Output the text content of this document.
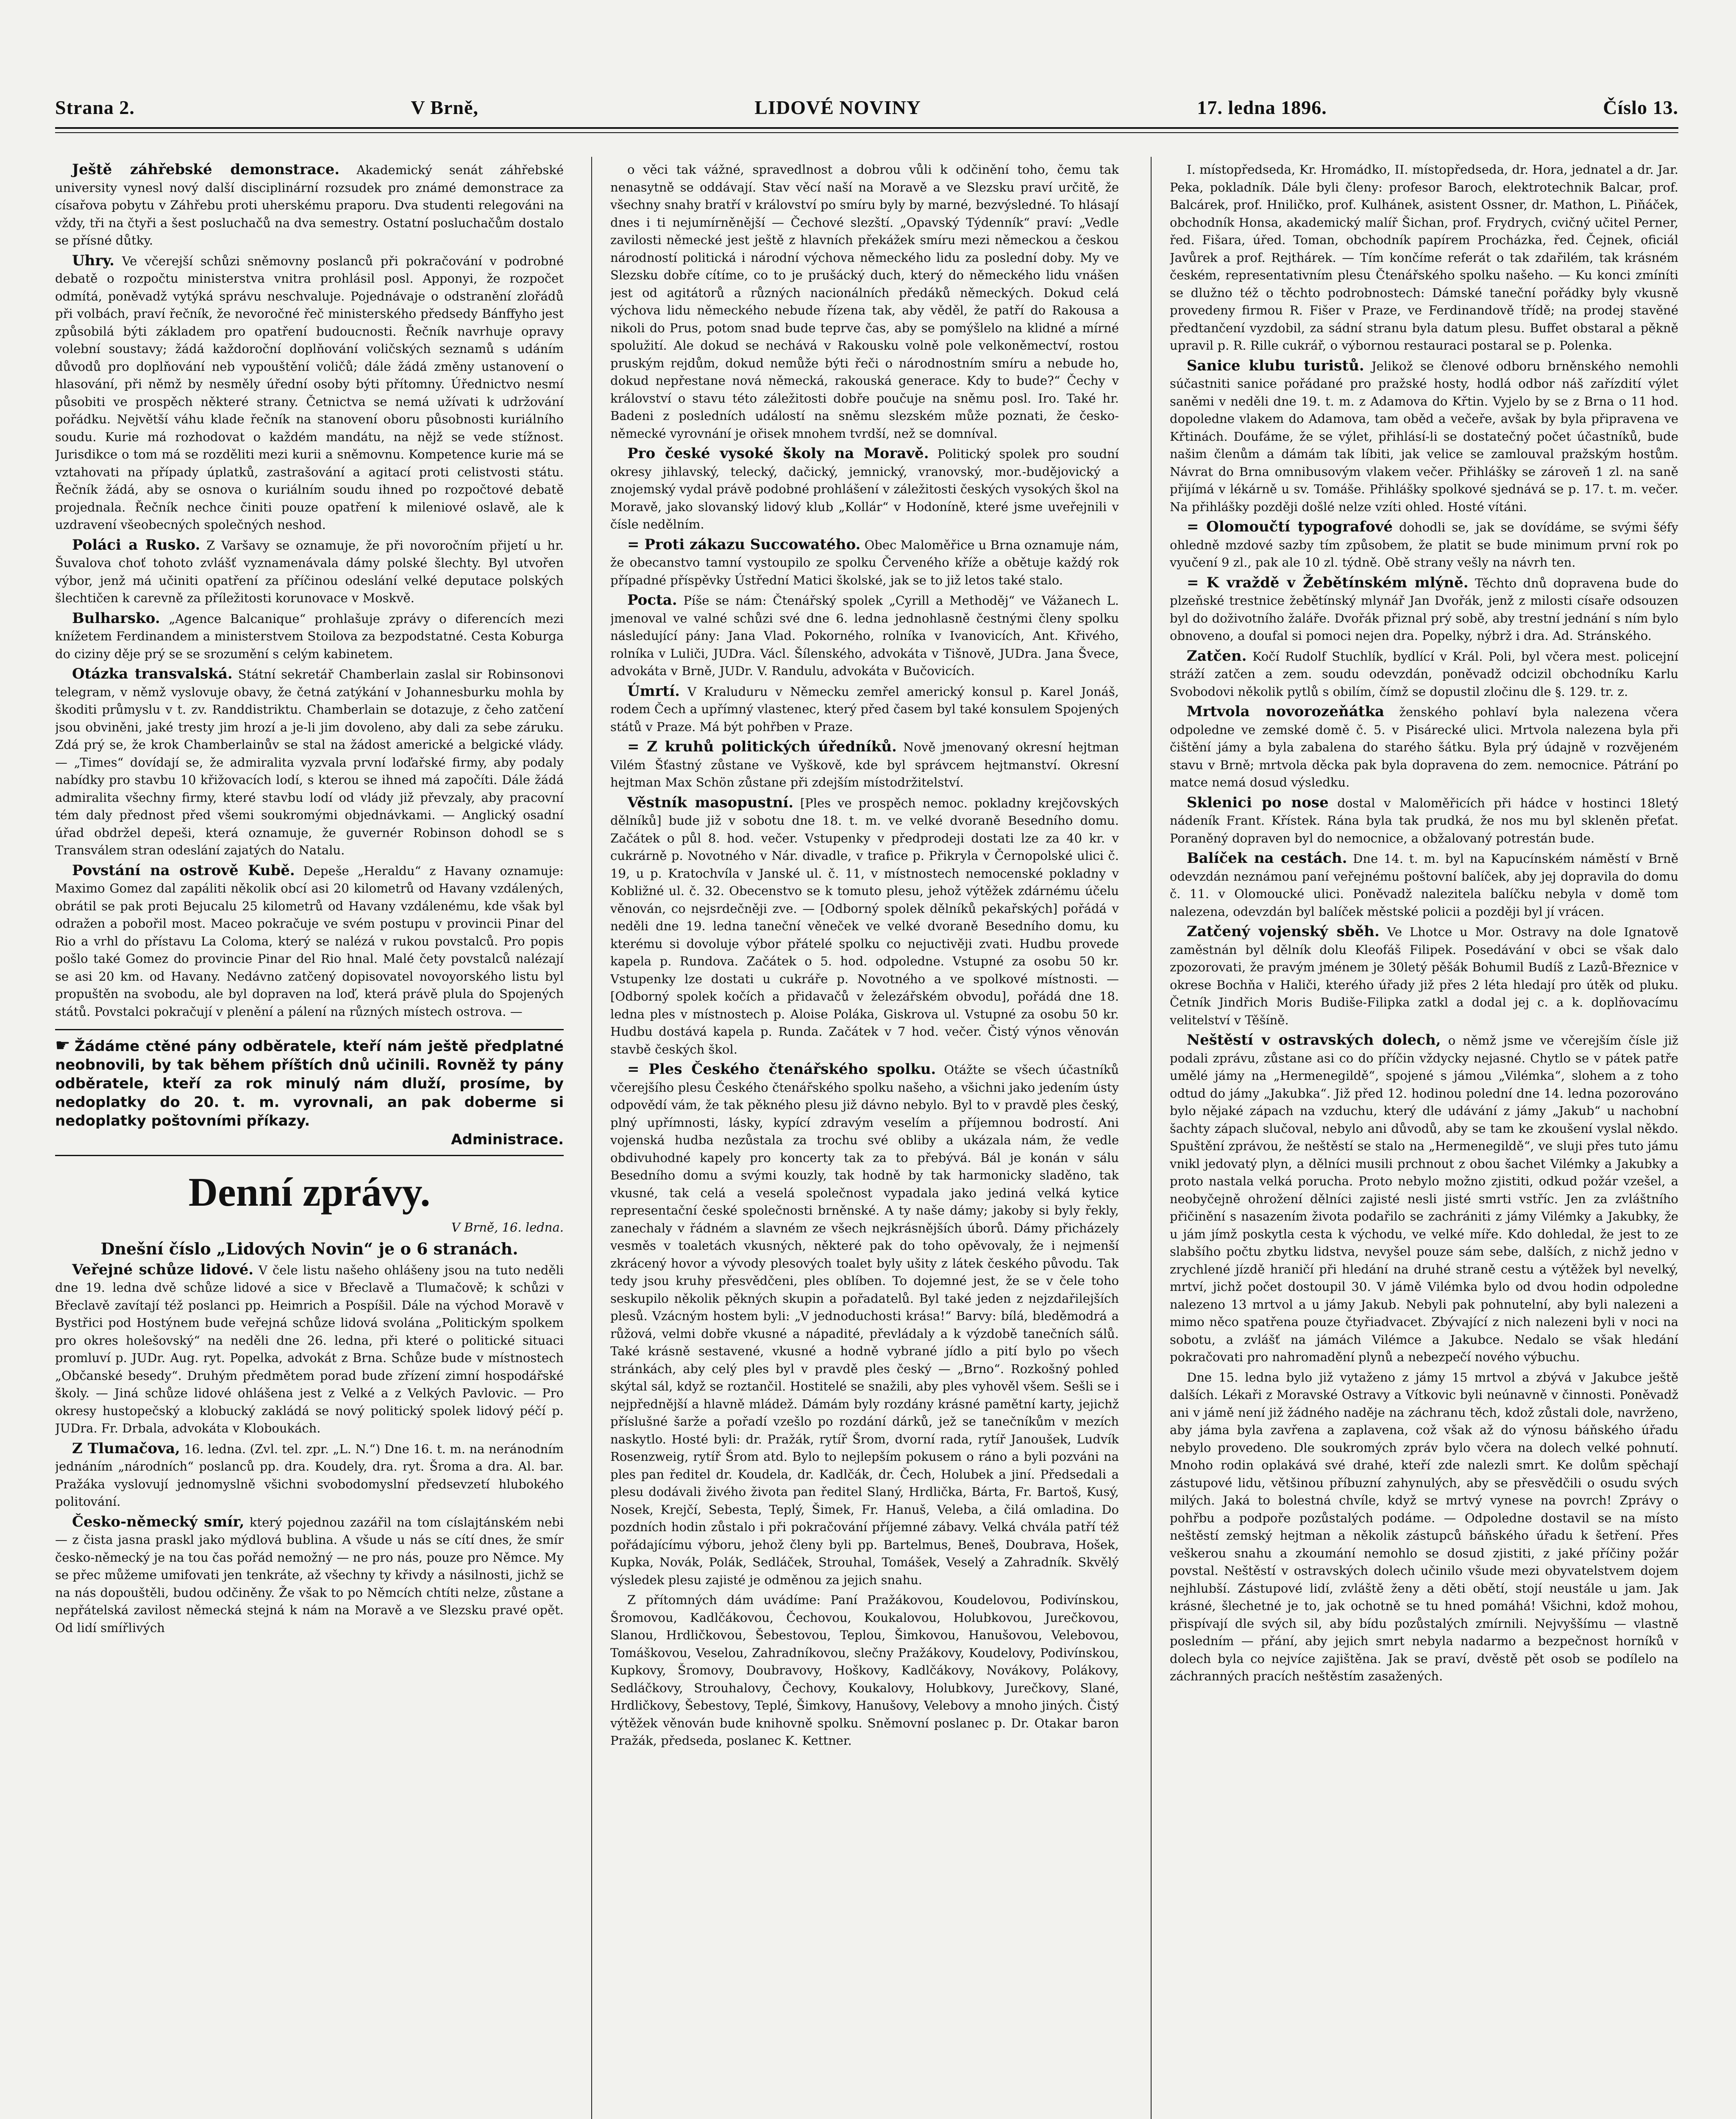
Strana 2.	V Brně,	LIDOVÉ NOVINY	17. ledna 1896.	Číslo 13.

Ještě záhřebské demonstrace. Akademický senát záhřebské university vynesl nový další disciplinární rozsudek pro známé demonstrace za císařova pobytu v Záhřebu proti uherskému praporu. Dva studenti relegováni na vždy, tři na čtyři a šest posluchačů na dva semestry. Ostatní posluchačům dostalo se přísné důtky.

Uhry. Ve včerejší schůzi sněmovny poslanců při pokračování v podrobné debatě o rozpočtu ministerstva vnitra prohlásil posl. Apponyi, že rozpočet odmítá, poněvadž vytýká správu neschvaluje. Pojednávaje o odstranění zlořádů při volbách, praví řečník, že nevoročné řeč ministerského předsedy Bánffyho jest způsobilá býti základem pro opatření budoucnosti. Řečník navrhuje opravy volební soustavy; žádá každoroční doplňování voličských seznamů s udáním důvodů pro doplňování neb vypouštění voličů; dále žádá změny ustanovení o hlasování, při němž by nesměly úřední osoby býti přítomny. Úřednictvo nesmí působiti ve prospěch některé strany. Četnictva se nemá užívati k udržování pořádku. Největší váhu klade řečník na stanovení oboru působnosti kuriálního soudu. Kurie má rozhodovat o každém mandátu, na nějž se vede stížnost. Jurisdikce o tom má se rozděliti mezi kurii a sněmovnu. Kompetence kurie má se vztahovati na případy úplatků, zastrašování a agitací proti celistvosti státu. Řečník žádá, aby se osnova o kuriálním soudu ihned po rozpočtové debatě projednala. Řečník nechce činiti pouze opatření k mileniové oslavě, ale k uzdravení všeobecných společných neshod.

Poláci a Rusko. Z Varšavy se oznamuje, že při novoročním přijetí u hr. Šuvalova choť tohoto zvlášť vyznamenávala dámy polské šlechty. Byl utvořen výbor, jenž má učiniti opatření za příčinou odeslání velké deputace polských šlechtičen k carevně za příležitosti korunovace v Moskvě.

Bulharsko. „Agence Balcanique“ prohlašuje zprávy o diferencích mezi knížetem Ferdinandem a ministerstvem Stoilova za bezpodstatné. Cesta Koburga do ciziny děje prý se se srozumění s celým kabinetem.

Otázka transvalská. Státní sekretář Chamberlain zaslal sir Robinsonovi telegram, v němž vyslovuje obavy, že četná zatýkání v Johannesburku mohla by škoditi průmyslu v t. zv. Randdistriktu. Chamberlain se dotazuje, z čeho zatčení jsou obviněni, jaké tresty jim hrozí a je-li jim dovoleno, aby dali za sebe záruku. Zdá prý se, že krok Chamberlainův se stal na žádost americké a belgické vlády. — „Times“ dovídají se, že admiralita vyzvala první loďařské firmy, aby podaly nabídky pro stavbu 10 křižovacích lodí, s kterou se ihned má započíti. Dále žádá admiralita všechny firmy, které stavbu lodí od vlády již převzaly, aby pracovní tém daly přednost před všemi soukromými objednávkami. — Anglický osadní úřad obdržel depeši, která oznamuje, že guvernér Robinson dohodl se s Transválem stran odeslání zajatých do Natalu.

Povstání na ostrově Kubě. Depeše „Heraldu“ z Havany oznamuje: Maximo Gomez dal zapáliti několik obcí asi 20 kilometrů od Havany vzdálených, obrátil se pak proti Bejucalu 25 kilometrů od Havany vzdálenému, kde však byl odražen a pobořil most. Maceo pokračuje ve svém postupu v provincii Pinar del Rio a vrhl do přístavu La Coloma, který se nalézá v rukou povstalců. Pro popis pošlo také Gomez do provincie Pinar del Rio hnal. Malé čety povstalců nalézají se asi 20 km. od Havany. Nedávno zatčený dopisovatel novoyorského listu byl propuštěn na svobodu, ale byl dopraven na loď, která právě plula do Spojených států. Povstalci pokračují v plenění a pálení na různých místech ostrova. —

☛ Žádáme ctěné pány odběratele, kteří nám ještě předplatné neobnovili, by tak během příštích dnů učinili. Rovněž ty pány odběratele, kteří za rok minulý nám dluží, prosíme, by nedoplatky do 20. t. m. vyrovnali, an pak doberme si nedoplatky poštovními příkazy.
Administrace.
Denní zprávy.

V Brně, 16. ledna.

Dnešní číslo „Lidových Novin“ je o 6 stranách.

Veřejné schůze lidové. V čele listu našeho ohlášeny jsou na tuto neděli dne 19. ledna dvě schůze lidové a sice v Břeclavě a Tlumačově; k schůzi v Břeclavě zavítají též poslanci pp. Heimrich a Pospíšil. Dále na východ Moravě v Bystřici pod Hostýnem bude veřejná schůze lidová svolána „Politickým spolkem pro okres holešovský“ na neděli dne 26. ledna, při které o politické situaci promluví p. JUDr. Aug. ryt. Popelka, advokát z Brna. Schůze bude v místnostech „Občanské besedy“. Druhým předmětem porad bude zřízení zimní hospodářské školy. — Jiná schůze lidové ohlášena jest z Velké a z Velkých Pavlovic. — Pro okresy hustopečský a klobucký zakládá se nový politický spolek lidový péčí p. JUDra. Fr. Drbala, advokáta v Kloboukách.

Z Tlumačova, 16. ledna. (Zvl. tel. zpr. „L. N.“) Dne 16. t. m. na neránodním jednáním „národních“ poslanců pp. dra. Koudely, dra. ryt. Šroma a dra. Al. bar. Pražáka vyslovují jednomyslně všichni svobodomyslní předsevzetí hlubokého politování.

Česko-německý smír, který pojednou zazářil na tom císlajtánském nebi — z čista jasna praskl jako mýdlová bublina. A všude u nás se cítí dnes, že smír česko-německý je na tou čas pořád nemožný — ne pro nás, pouze pro Němce. My se přec můžeme umifovati jen tenkráte, až všechny ty křivdy a násilnosti, jichž se na nás dopouštěli, budou odčiněny. Že však to po Němcích chtíti nelze, zůstane a nepřátelská zavilost německá stejná k nám na Moravě a ve Slezsku pravé opět. Od lidí smířlivých

o věci tak vážné, spravedlnost a dobrou vůli k odčinění toho, čemu tak nenasytně se oddávají. Stav věcí naší na Moravě a ve Slezsku praví určitě, že všechny snahy bratří v království po smíru byly by marné, bezvýsledné. To hlásají dnes i ti nejumírněnější — Čechové slezští. „Opavský Týdenník“ praví: „Vedle zavilosti německé jest ještě z hlavních překážek smíru mezi německou a českou národností politická i národní výchova německého lidu za poslední doby. My ve Slezsku dobře cítíme, co to je prušácký duch, který do německého lidu vnášen jest od agitátorů a různých nacionálních předáků německých. Dokud celá výchova lidu německého nebude řízena tak, aby věděl, že patří do Rakousa a nikoli do Prus, potom snad bude teprve čas, aby se pomýšlelo na klidné a mírné spolužití. Ale dokud se nechává v Rakousku volně pole velkoněmectví, rostou pruským rejdům, dokud nemůže býti řeči o národnostním smíru a nebude ho, dokud nepřestane nová německá, rakouská generace. Kdy to bude?“ Čechy v království o stavu této záležitosti dobře poučuje na sněmu posl. Iro. Také hr. Badeni z posledních událostí na sněmu slezském může poznati, že česko-německé vyrovnání je ořisek mnohem tvrdší, než se domníval.

Pro české vysoké školy na Moravě. Politický spolek pro soudní okresy jihlavský, telecký, dačický, jemnický, vranovský, mor.-budějovický a znojemský vydal právě podobné prohlášení v záležitosti českých vysokých škol na Moravě, jako slovanský lidový klub „Kollár“ v Hodoníně, které jsme uveřejnili v čísle nedělním.

= Proti zákazu Succowatého. Obec Maloměřice u Brna oznamuje nám, že obecanstvo tamní vystoupilo ze spolku Červeného kříže a obětuje každý rok případné příspěvky Ústřední Matici školské, jak se to již letos také stalo.

Pocta. Píše se nám: Čtenářský spolek „Cyrill a Methoděj“ ve Vážanech L. jmenoval ve valné schůzi své dne 6. ledna jednohlasně čestnými členy spolku následující pány: Jana Vlad. Pokorného, rolníka v Ivanovicích, Ant. Křivého, rolníka v Luliči, JUDra. Václ. Šílenského, advokáta v Tišnově, JUDra. Jana Švece, advokáta v Brně, JUDr. V. Randulu, advokáta v Bučovicích.

Úmrtí. V Kraluduru v Německu zemřel americký konsul p. Karel Jonáš, rodem Čech a upřímný vlastenec, který před časem byl také konsulem Spojených států v Praze. Má být pohřben v Praze.

= Z kruhů politických úředníků. Nově jmenovaný okresní hejtman Vilém Šťastný zůstane ve Vyškově, kde byl správcem hejtmanství. Okresní hejtman Max Schön zůstane při zdejším místodržitelství.

Věstník masopustní. [Ples ve prospěch nemoc. pokladny krejčovských dělníků] bude již v sobotu dne 18. t. m. ve velké dvoraně Besedního domu. Začátek o půl 8. hod. večer. Vstupenky v předprodeji dostati lze za 40 kr. v cukrárně p. Novotného v Nár. divadle, v trafice p. Přikryla v Černopolské ulici č. 19, u p. Kratochvíla v Janské ul. č. 11, v místnostech nemocenské pokladny v Kobližné ul. č. 32. Obecenstvo se k tomuto plesu, jehož výtěžek zdárnému účelu věnován, co nejsrdečněji zve. — [Odborný spolek dělníků pekařských] pořádá v neděli dne 19. ledna taneční věneček ve velké dvoraně Besedního domu, ku kterému si dovoluje výbor přátelé spolku co nejuctivěji zvati. Hudbu provede kapela p. Rundova. Začátek o 5. hod. odpoledne. Vstupné za osobu 50 kr. Vstupenky lze dostati u cukráře p. Novotného a ve spolkové místnosti. — [Odborný spolek kočích a přidavačů v železářském obvodu], pořádá dne 18. ledna ples v místnostech p. Aloise Poláka, Giskrova ul. Vstupné za osobu 50 kr. Hudbu dostává kapela p. Runda. Začátek v 7 hod. večer. Čistý výnos věnován stavbě českých škol.

= Ples Českého čtenářského spolku. Otážte se všech účastníků včerejšího plesu Českého čtenářského spolku našeho, a všichni jako jedením ústy odpovědí vám, že tak pěkného plesu již dávno nebylo. Byl to v pravdě ples český, plný upřímnosti, lásky, kypící zdravým veselím a příjemnou bodrostí. Ani vojenská hudba nezůstala za trochu své obliby a ukázala nám, že vedle obdivuhodné kapely pro koncerty tak za to přebývá. Bál je konán v sálu Besedního domu a svými kouzly, tak hodně by tak harmonicky sladěno, tak vkusné, tak celá a veselá společnost vypadala jako jediná velká kytice representační české společnosti brněnské. A ty naše dámy; jakoby si byly řekly, zanechaly v řádném a slavném ze všech nejkrásnějších úborů. Dámy přicházely vesměs v toaletách vkusných, některé pak do toho opěvovaly, že i nejmenší zkrácený hovor a vývody plesových toalet byly ušity z látek českého původu. Tak tedy jsou kruhy přesvědčeni, ples oblíben. To dojemné jest, že se v čele toho seskupilo několik pěkných skupin a pořadatelů. Byl také jeden z nejzdařilejších plesů. Vzácným hostem byli: „V jednoduchosti krása!“ Barvy: bílá, bleděmodrá a růžová, velmi dobře vkusné a nápadité, převládaly a k výzdobě tanečních sálů. Také krásně sestavené, vkusné a hodně vybrané jídlo a pití bylo po všech stránkách, aby celý ples byl v pravdě ples český — „Brno“. Rozkošný pohled skýtal sál, když se roztančil. Hostitelé se snažili, aby ples vyhověl všem. Sešli se i nejpřednější a hlavně mládež. Dámám byly rozdány krásné pamětní karty, jejichž příslušné šarže a pořadí vzešlo po rozdání dárků, jež se tanečníkům v mezích naskytlo. Hosté byli: dr. Pražák, rytíř Šrom, dvorní rada, rytíř Janoušek, Ludvík Rosenzweig, rytíř Šrom atd. Bylo to nejlepším pokusem o ráno a byli pozváni na ples pan ředitel dr. Koudela, dr. Kadlčák, dr. Čech, Holubek a jiní. Předsedali a plesu dodávali živého života pan ředitel Slaný, Hrdlička, Bárta, Fr. Bartoš, Kusý, Nosek, Krejčí, Sebesta, Teplý, Šimek, Fr. Hanuš, Veleba, a čilá omladina. Do pozdních hodin zůstalo i při pokračování příjemné zábavy. Velká chvála patří též pořádajícímu výboru, jehož členy byli pp. Bartelmus, Beneš, Doubrava, Hošek, Kupka, Novák, Polák, Sedláček, Strouhal, Tomášek, Veselý a Zahradník. Skvělý výsledek plesu zajisté je odměnou za jejich snahu.

Z přítomných dám uvádíme: Paní Pražákovou, Koudelovou, Podivínskou, Šromovou, Kadlčákovou, Čechovou, Koukalovou, Holubkovou, Jurečkovou, Slanou, Hrdličkovou, Šebestovou, Teplou, Šimkovou, Hanušovou, Velebovou, Tomáškovou, Veselou, Zahradníkovou, slečny Pražákovy, Koudelovy, Podivínskou, Kupkovy, Šromovy, Doubravovy, Hoškovy, Kadlčákovy, Novákovy, Polákovy, Sedláčkovy, Strouhalovy, Čechovy, Koukalovy, Holubkovy, Jurečkovy, Slané, Hrdličkovy, Šebestovy, Teplé, Šimkovy, Hanušovy, Velebovy a mnoho jiných. Čistý výtěžek věnován bude knihovně spolku. Sněmovní poslanec p. Dr. Otakar baron Pražák, předseda, poslanec K. Kettner.

I. místopředseda, Kr. Hromádko, II. místopředseda, dr. Hora, jednatel a dr. Jar. Peka, pokladník. Dále byli členy: profesor Baroch, elektrotechnik Balcar, prof. Balcárek, prof. Hniličko, prof. Kulhánek, asistent Ossner, dr. Mathon, L. Piňáček, obchodník Honsa, akademický malíř Šichan, prof. Frydrych, cvičný učitel Perner, řed. Fišara, úřed. Toman, obchodník papírem Procházka, řed. Čejnek, oficiál Javůrek a prof. Rejthárek. — Tím končíme referát o tak zdařilém, tak krásném českém, representativním plesu Čtenářského spolku našeho. — Ku konci zmíníti se dlužno též o těchto podrobnostech: Dámské taneční pořádky byly vkusně provedeny firmou R. Fišer v Praze, ve Ferdinandově třídě; na prodej stavěné předtančení vyzdobil, za sádní stranu byla datum plesu. Buffet obstaral a pěkně upravil p. R. Rille cukrář, o výbornou restauraci postaral se p. Polenka.

Sanice klubu turistů. Jelikož se členové odboru brněnského nemohli súčastniti sanice pořádané pro pražské hosty, hodlá odbor náš zařízdití výlet saněmi v neděli dne 19. t. m. z Adamova do Křtin. Vyjelo by se z Brna o 11 hod. dopoledne vlakem do Adamova, tam oběd a večeře, avšak by byla připravena ve Křtinách. Doufáme, že se výlet, přihlásí-li se dostatečný počet účastníků, bude našim členům a dámám tak líbiti, jak velice se zamlouval pražským hostům. Návrat do Brna omnibusovým vlakem večer. Přihlášky se zároveň 1 zl. na saně přijímá v lékárně u sv. Tomáše. Přihlášky spolkové sjednává se p. 17. t. m. večer. Na přihlášky později došlé nelze vzíti ohled. Hosté vítáni.

= Olomoučtí typografové dohodli se, jak se dovídáme, se svými šéfy ohledně mzdové sazby tím způsobem, že platit se bude minimum první rok po vyučení 9 zl., pak ale 10 zl. týdně. Obě strany vešly na návrh ten.

= K vraždě v Žebětínském mlýně. Těchto dnů dopravena bude do plzeňské trestnice žebětínský mlynář Jan Dvořák, jenž z milosti císaře odsouzen byl do doživotního žaláře. Dvořák přiznal prý sobě, aby trestní jednání s ním bylo obnoveno, a doufal si pomoci nejen dra. Popelky, nýbrž i dra. Ad. Stránského.

Zatčen. Kočí Rudolf Stuchlík, bydlící v Král. Poli, byl včera mest. policejní stráží zatčen a zem. soudu odevzdán, poněvadž odcizil obchodníku Karlu Svobodovi několik pytlů s obilím, čímž se dopustil zločinu dle §. 129. tr. z.

Mrtvola novorozeňátka ženského pohlaví byla nalezena včera odpoledne ve zemské domě č. 5. v Pisárecké ulici. Mrtvola nalezena byla při čištění jámy a byla zabalena do starého šátku. Byla prý údajně v rozvějeném stavu v Brně; mrtvola děcka pak byla dopravena do zem. nemocnice. Pátrání po matce nemá dosud výsledku.

Sklenici po nose dostal v Maloměřicích při hádce v hostinci 18letý nádeník Frant. Křístek. Rána byla tak prudká, že nos mu byl skleněn přeťat. Poraněný dopraven byl do nemocnice, a obžalovaný potrestán bude.

Balíček na cestách. Dne 14. t. m. byl na Kapucínském náměstí v Brně odevzdán neznámou paní veřejnému poštovní balíček, aby jej dopravila do domu č. 11. v Olomoucké ulici. Poněvadž nalezitela balíčku nebyla v domě tom nalezena, odevzdán byl balíček městské policii a později byl jí vrácen.

Zatčený vojenský sběh. Ve Lhotce u Mor. Ostravy na dole Ignatově zaměstnán byl dělník dolu Kleofáš Filipek. Posedávání v obci se však dalo zpozorovati, že pravým jménem je 30letý pěšák Bohumil Budíš z Lazů-Březnice v okrese Bochňa v Haliči, kterého úřady již přes 2 léta hledají pro útěk od pluku. Četník Jindřich Moris Budiše-Filipka zatkl a dodal jej c. a k. doplňovacímu velitelství v Těšíně.

Neštěstí v ostravských dolech, o němž jsme ve včerejším čísle již podali zprávu, zůstane asi co do příčin vždycky nejasné. Chytlo se v pátek patře umělé jámy na „Hermenegildě“, spojené s jámou „Vilémka“, slohem a z toho odtud do jámy „Jakubka“. Již před 12. hodinou polední dne 14. ledna pozorováno bylo nějaké zápach na vzduchu, který dle udávání z jámy „Jakub“ u nachobní šachty zápach slučoval, nebylo ani důvodů, aby se tam ke zkoušení vyslal někdo. Spuštění zprávou, že neštěstí se stalo na „Hermenegildě“, ve sluji přes tuto jámu vnikl jedovatý plyn, a dělníci musili prchnout z obou šachet Vilémky a Jakubky a proto nastala velká porucha. Proto nebylo možno zjistiti, odkud požár vzešel, a neobyčejně ohrožení dělníci zajisté nesli jisté smrti vstříc. Jen za zvláštního přičinění s nasazením života podařilo se zachrániti z jámy Vilémky a Jakubky, že u jám jímž poskytla cesta k východu, ve velké míře. Kdo dohledal, že jest to ze slabšího počtu zbytku lidstva, nevyšel pouze sám sebe, dalších, z nichž jedno v zrychlené jízdě hraničí při hledání na druhé straně cestu a výtěžek byl nevelký, mrtví, jichž počet dostoupil 30. V jámě Vilémka bylo od dvou hodin odpoledne nalezeno 13 mrtvol a u jámy Jakub. Nebyli pak pohnutelní, aby byli nalezeni a mimo něco spatřena pouze čtyřiadvacet. Zbývající z nich nalezeni byli v noci na sobotu, a zvlášť na jámách Vilémce a Jakubce. Nedalo se však hledání pokračovati pro nahromadění plynů a nebezpečí nového výbuchu.

Dne 15. ledna bylo již vytaženo z jámy 15 mrtvol a zbývá v Jakubce ještě dalších. Lékaři z Moravské Ostravy a Vítkovic byli neúnavně v činnosti. Poněvadž ani v jámě není již žádného naděje na záchranu těch, kdož zůstali dole, navrženo, aby jáma byla zavřena a zaplavena, což však až do výnosu báňského úřadu nebylo provedeno. Dle soukromých zpráv bylo včera na dolech velké pohnutí. Mnoho rodin oplakává své drahé, kteří zde nalezli smrt. Ke dolům spěchají zástupové lidu, většinou příbuzní zahynulých, aby se přesvědčili o osudu svých milých. Jaká to bolestná chvíle, když se mrtvý vynese na povrch! Zprávy o pohřbu a podpoře pozůstalých podáme. — Odpoledne dostavil se na místo neštěstí zemský hejtman a několik zástupců báňského úřadu k šetření. Přes veškerou snahu a zkoumání nemohlo se dosud zjistiti, z jaké příčiny požár povstal. Neštěstí v ostravských dolech učinilo všude mezi obyvatelstvem dojem nejhlubší. Zástupové lidí, zvláště ženy a děti obětí, stojí neustále u jam. Jak krásné, šlechetné je to, jak ochotně se tu hned pomáhá! Všichni, kdož mohou, přispívají dle svých sil, aby bídu pozůstalých zmírnili. Nejvyššímu — vlastně posledním — přání, aby jejich smrt nebyla nadarmo a bezpečnost horníků v dolech byla co nejvíce zajištěna. Jak se praví, dvěstě pět osob se podílelo na záchranných pracích neštěstím zasažených.
